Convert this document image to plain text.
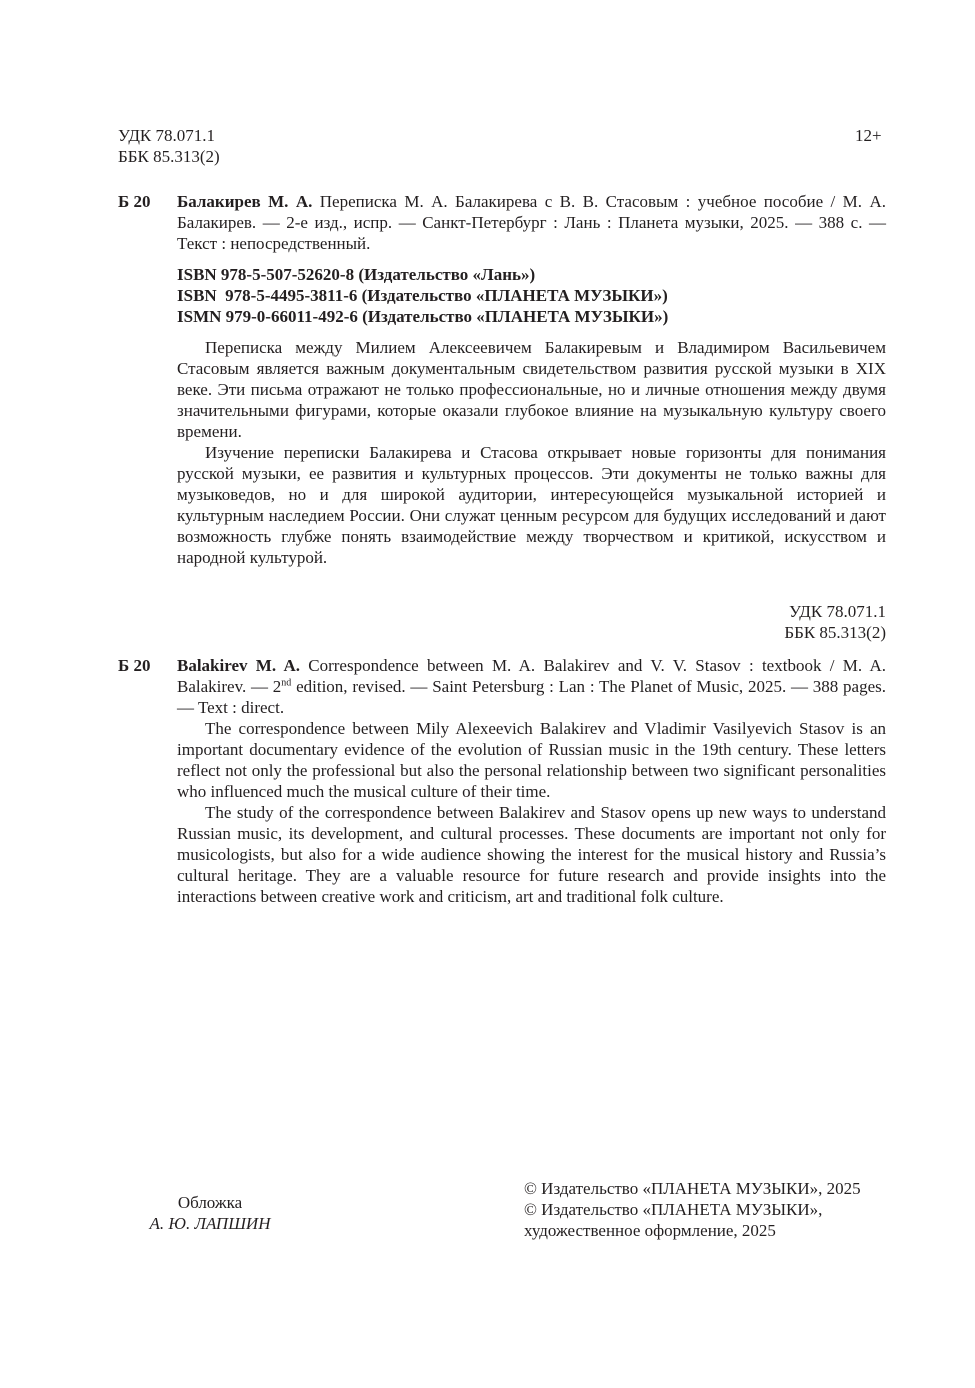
УДК 78.071.1
ББК 85.313(2)
12+
Б 20 Балакирев М. А. Переписка М. А. Балакирева с В. В. Стасовым : учебное пособие / М. А. Балакирев. — 2-е изд., испр. — Санкт-Петербург : Лань : Планета музыки, 2025. — 388 с. — Текст : непосредственный.

ISBN 978-5-507-52620-8 (Издательство «Лань»)
ISBN  978-5-4495-3811-6 (Издательство «ПЛАНЕТА МУЗЫКИ»)
ISMN 979-0-66011-492-6 (Издательство «ПЛАНЕТА МУЗЫКИ»)

Переписка между Милием Алексеевичем Балакиревым и Владимиром Васильевичем Стасовым является важным документальным свидетельством развития русской музыки в XIX веке. Эти письма отражают не только профессиональные, но и личные отношения между двумя значительными фигурами, которые оказали глубокое влияние на музыкальную культуру своего времени.

Изучение переписки Балакирева и Стасова открывает новые горизонты для понимания русской музыки, ее развития и культурных процессов. Эти документы не только важны для музыковедов, но и для широкой аудитории, интересующейся музыкальной историей и культурным наследием России. Они служат ценным ресурсом для будущих исследований и дают возможность глубже понять взаимодействие между творчеством и критикой, искусством и народной культурой.

УДК 78.071.1
ББК 85.313(2)
Б 20 Balakirev M. A. Correspondence between M. A. Balakirev and V. V. Stasov : textbook / M. A. Balakirev. — 2nd edition, revised. — Saint Petersburg : Lan : The Planet of Music, 2025. — 388 pages. — Text : direct.

The correspondence between Mily Alexeevich Balakirev and Vladimir Vasilyevich Stasov is an important documentary evidence of the evolution of Russian music in the 19th century. These letters reflect not only the professional but also the personal relationship between two significant personalities who influenced much the musical culture of their time.

The study of the correspondence between Balakirev and Stasov opens up new ways to understand Russian music, its development, and cultural processes. These documents are important not only for musicologists, but also for a wide audience showing the interest for the musical history and Russia’s cultural heritage. They are a valuable resource for future research and provide insights into the interactions between creative work and criticism, art and traditional folk culture.

Обложка
А. Ю. ЛАПШИН
© Издательство «ПЛАНЕТА МУЗЫКИ», 2025
© Издательство «ПЛАНЕТА МУЗЫКИ»,
художественное оформление, 2025
